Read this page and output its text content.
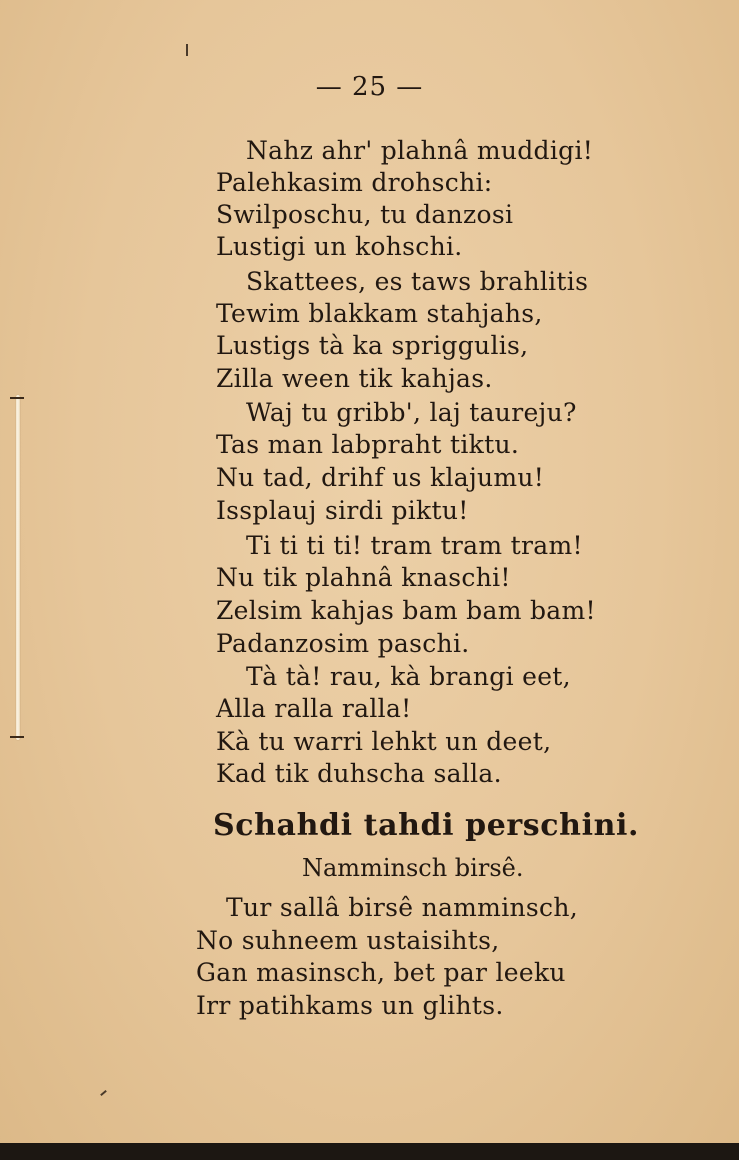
— 25 —
Nahz ahr' plahnâ muddigi!
Palehkasim drohschi:
Swilposchu, tu danzosi
Lustigi un kohschi.
Skattees, es taws brahlitis
Tewim blakkam stahjahs,
Lustigs tà ka spriggulis,
Zilla ween tik kahjas.
Waj tu gribb', laj taureju?
Tas man labpraht tiktu.
Nu tad, drihf us klajumu!
Issplauj sirdi piktu!
Ti ti ti ti! tram tram tram!
Nu tik plahnâ knaschi!
Zelsim kahjas bam bam bam!
Padanzosim paschi.
Tà tà! rau, kà brangi eet,
Alla ralla ralla!
Kà tu warri lehkt un deet,
Kad tik duhscha salla.
Schahdi tahdi perschini.
Namminsch birsê.
Tur sallâ birsê namminsch,
No suhneem ustaisihts,
Gan masinsch, bet par leeku
Irr patihkams un glihts.
